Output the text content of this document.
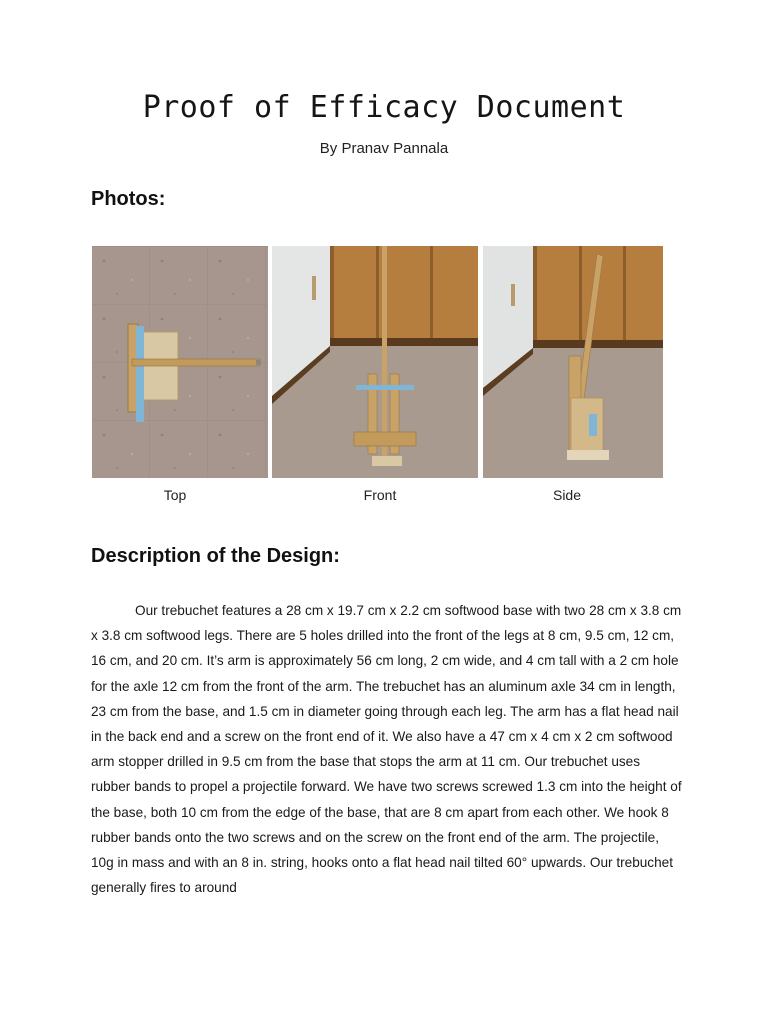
Proof of Efficacy Document
By Pranav Pannala
Photos:
Top	Front	Side
Description of the Design:

Our trebuchet features a 28 cm x 19.7 cm x 2.2 cm softwood base with two 28 cm x 3.8 cm x 3.8 cm softwood legs. There are 5 holes drilled into the front of the legs at 8 cm, 9.5 cm, 12 cm, 16 cm, and 20 cm. It’s arm is approximately 56 cm long, 2 cm wide, and 4 cm tall with a 2 cm hole for the axle 12 cm from the front of the arm. The trebuchet has an aluminum axle 34 cm in length, 23 cm from the base, and 1.5 cm in diameter going through each leg. The arm has a flat head nail in the back end and a screw on the front end of it. We also have a 47 cm x 4 cm x 2 cm softwood arm stopper drilled in 9.5 cm from the base that stops the arm at 11 cm. Our trebuchet uses rubber bands to propel a projectile forward. We have two screws screwed 1.3 cm into the height of the base, both 10 cm from the edge of the base, that are 8 cm apart from each other. We hook 8 rubber bands onto the two screws and on the screw on the front end of the arm. The projectile, 10g in mass and with an 8 in. string, hooks onto a flat head nail tilted 60° upwards. Our trebuchet generally fires to around
